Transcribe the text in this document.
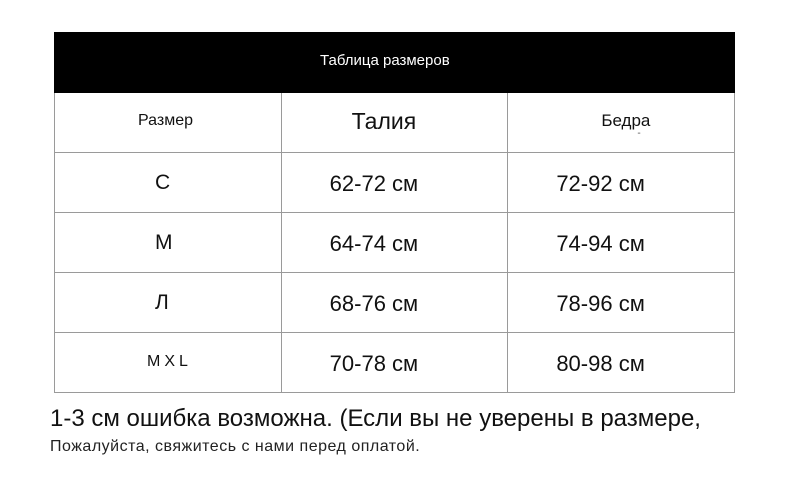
Таблица размеров		

Размер	Талия	Бедра
-

С	62-72 см	72-92 см

М	64-74 см	74-94 см

Л	68-76 см	78-96 см

МХL	70-78 см	80-98 см
1-3 см ошибка возможна. (Если вы не уверены в размере,
Пожалуйста, свяжитесь с нами перед оплатой.
